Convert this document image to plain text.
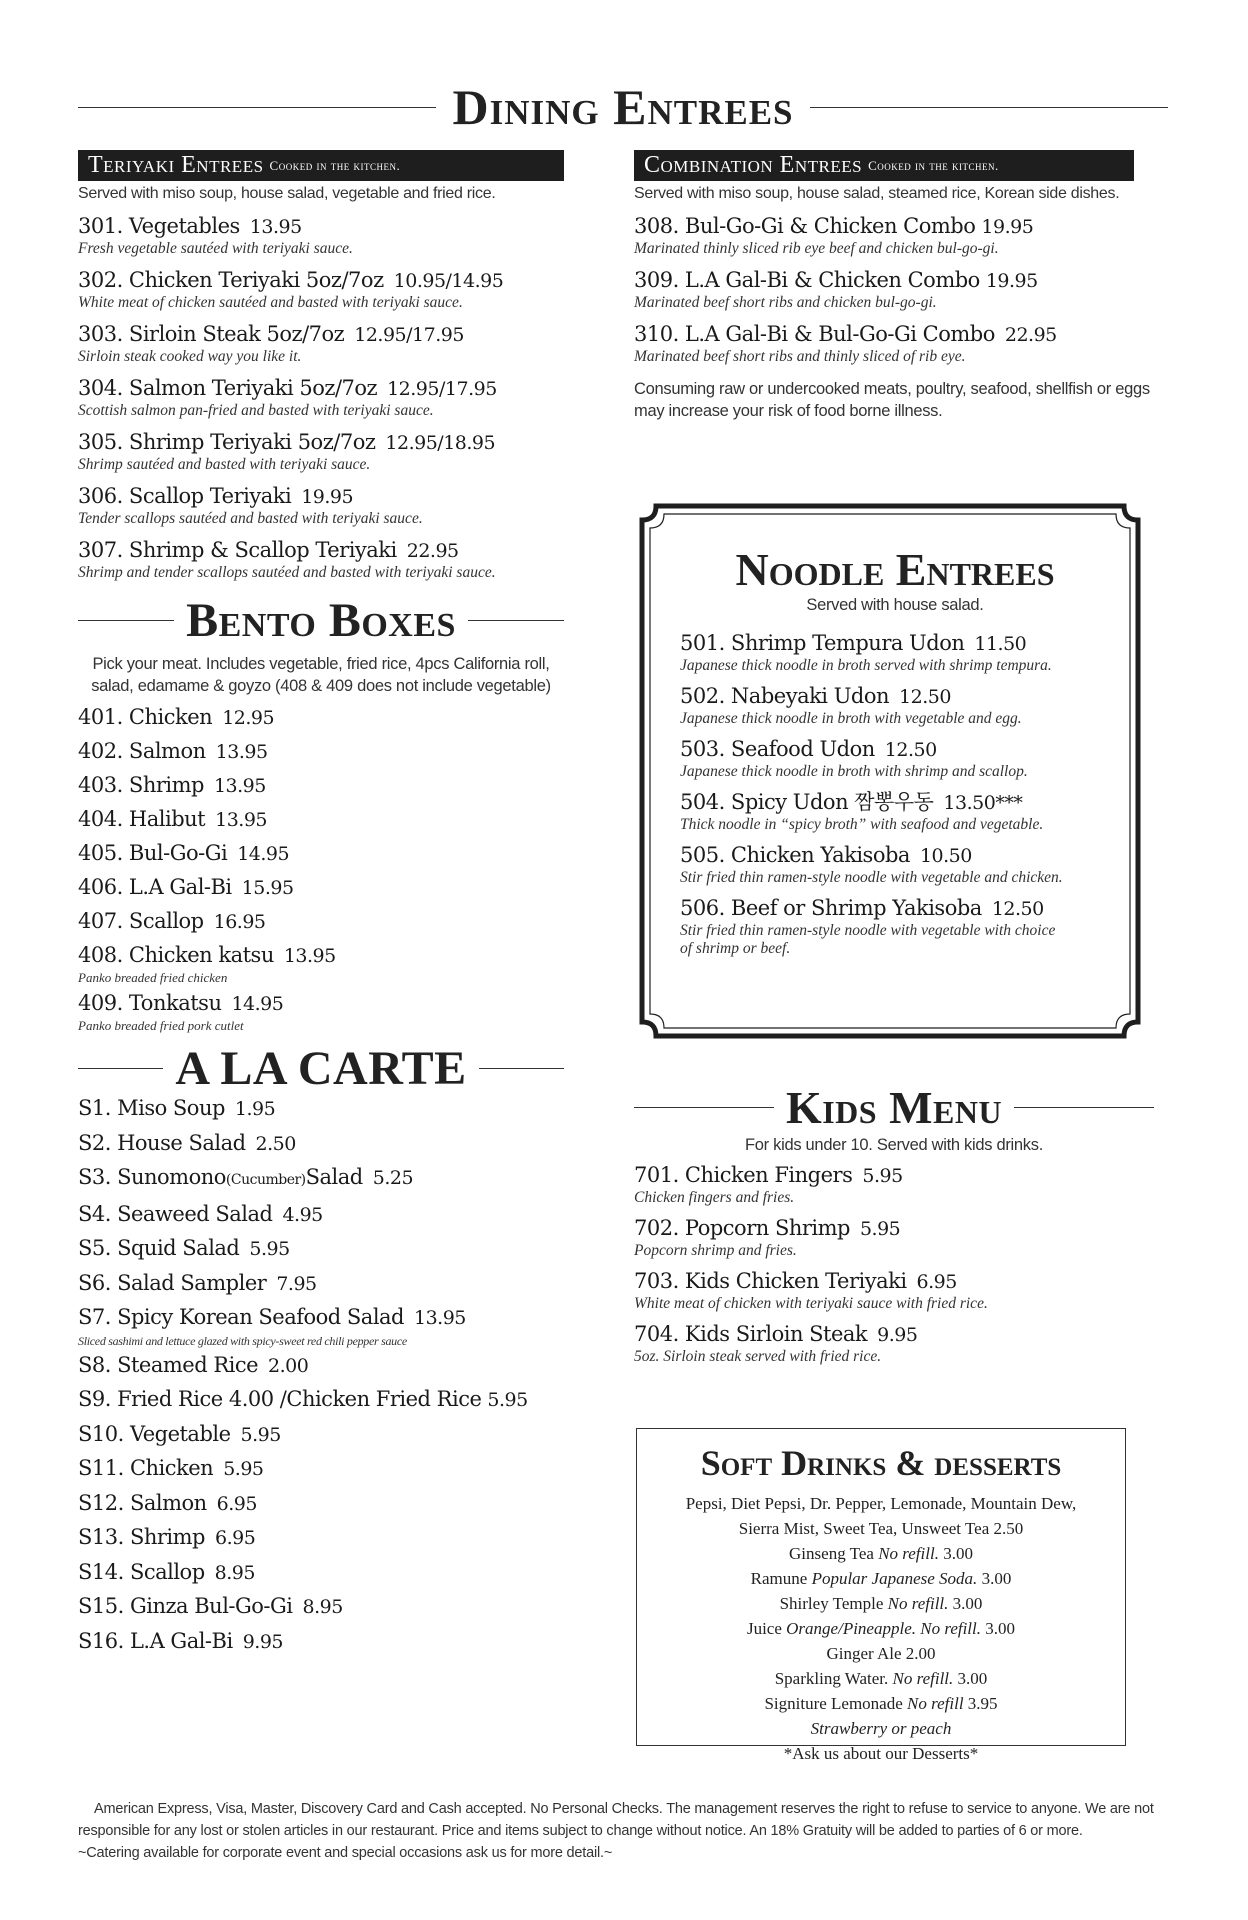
Dining Entrees
Teriyaki Entrees Cooked in the kitchen.
Served with miso soup, house salad, vegetable and fried rice.
301. Vegetables 13.95
Fresh vegetable sautéed with teriyaki sauce.
302. Chicken Teriyaki 5oz/7oz 10.95/14.95
White meat of chicken sautéed and basted with teriyaki sauce.
303. Sirloin Steak 5oz/7oz 12.95/17.95
Sirloin steak cooked way you like it.
304. Salmon Teriyaki 5oz/7oz 12.95/17.95
Scottish salmon pan-fried and basted with teriyaki sauce.
305. Shrimp Teriyaki 5oz/7oz 12.95/18.95
Shrimp sautéed and basted with teriyaki sauce.
306. Scallop Teriyaki 19.95
Tender scallops sautéed and basted with teriyaki sauce.
307. Shrimp & Scallop Teriyaki 22.95
Shrimp and tender scallops sautéed and basted with teriyaki sauce.
Bento Boxes
Pick your meat. Includes vegetable, fried rice, 4pcs California roll,
salad, edamame & goyzo (408 & 409 does not include vegetable)
401. Chicken 12.95
402. Salmon 13.95
403. Shrimp 13.95
404. Halibut 13.95
405. Bul-Go-Gi 14.95
406. L.A Gal-Bi 15.95
407. Scallop 16.95
408. Chicken katsu 13.95
Panko breaded fried chicken
409. Tonkatsu 14.95
Panko breaded fried pork cutlet
A LA CARTE
S1. Miso Soup 1.95
S2. House Salad 2.50
S3. Sunomono(Cucumber)Salad 5.25
S4. Seaweed Salad 4.95
S5. Squid Salad 5.95
S6. Salad Sampler 7.95
S7. Spicy Korean Seafood Salad 13.95
Sliced sashimi and lettuce glazed with spicy-sweet red chili pepper sauce
S8. Steamed Rice 2.00
S9. Fried Rice 4.00 /Chicken Fried Rice 5.95
S10. Vegetable 5.95
S11. Chicken 5.95
S12. Salmon 6.95
S13. Shrimp 6.95
S14. Scallop 8.95
S15. Ginza Bul-Go-Gi 8.95
S16. L.A Gal-Bi 9.95
Combination Entrees Cooked in the kitchen.
Served with miso soup, house salad, steamed rice, Korean side dishes.
308. Bul-Go-Gi & Chicken Combo 19.95
Marinated thinly sliced rib eye beef and chicken bul-go-gi.
309. L.A Gal-Bi & Chicken Combo 19.95
Marinated beef short ribs and chicken bul-go-gi.
310. L.A Gal-Bi & Bul-Go-Gi Combo 22.95
Marinated beef short ribs and thinly sliced of rib eye.
Consuming raw or undercooked meats, poultry, seafood, shellfish or eggs
may increase your risk of food borne illness.
Noodle Entrees
Served with house salad.
501. Shrimp Tempura Udon 11.50
Japanese thick noodle in broth served with shrimp tempura.
502. Nabeyaki Udon 12.50
Japanese thick noodle in broth with vegetable and egg.
503. Seafood Udon 12.50
Japanese thick noodle in broth with shrimp and scallop.
504. Spicy Udon 짬뽕우동 13.50***
Thick noodle in “spicy broth” with seafood and vegetable.
505. Chicken Yakisoba 10.50
Stir fried thin ramen-style noodle with vegetable and chicken.
506. Beef or Shrimp Yakisoba 12.50
Stir fried thin ramen-style noodle with vegetable with choice
of shrimp or beef.
Kids Menu
For kids under 10. Served with kids drinks.
701. Chicken Fingers 5.95
Chicken fingers and fries.
702. Popcorn Shrimp 5.95
Popcorn shrimp and fries.
703. Kids Chicken Teriyaki 6.95
White meat of chicken with teriyaki sauce with fried rice.
704. Kids Sirloin Steak 9.95
5oz. Sirloin steak served with fried rice.
Soft Drinks & desserts
Pepsi, Diet Pepsi, Dr. Pepper, Lemonade, Mountain Dew,
Sierra Mist, Sweet Tea, Unsweet Tea 2.50
Ginseng Tea No refill. 3.00
Ramune Popular Japanese Soda. 3.00
Shirley Temple No refill. 3.00
Juice Orange/Pineapple. No refill. 3.00
Ginger Ale 2.00
Sparkling Water. No refill. 3.00
Signiture Lemonade No refill 3.95
Strawberry or peach
*Ask us about our Desserts*
American Express, Visa, Master, Discovery Card and Cash accepted. No Personal Checks. The management reserves the right to refuse to service to anyone. We are not
responsible for any lost or stolen articles in our restaurant. Price and items subject to change without notice. An 18% Gratuity will be added to parties of 6 or more.
~Catering available for corporate event and special occasions ask us for more detail.~
